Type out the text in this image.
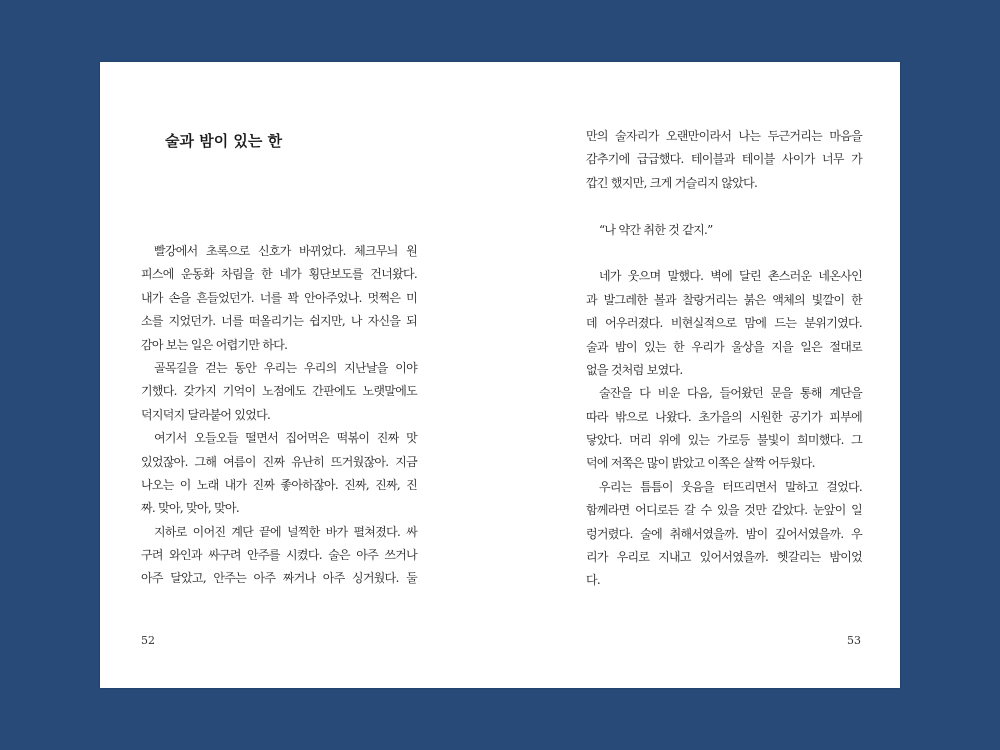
술과 밤이 있는 한
빨강에서 초록으로 신호가 바뀌었다. 체크무늬 원
피스에 운동화 차림을 한 네가 횡단보도를 건너왔다.
내가 손을 흔들었던가. 너를 꽉 안아주었나. 멋쩍은 미
소를 지었던가. 너를 떠올리기는 쉽지만, 나 자신을 되
감아 보는 일은 어렵기만 하다.
골목길을 걷는 동안 우리는 우리의 지난날을 이야
기했다. 갖가지 기억이 노점에도 간판에도 노랫말에도
덕지덕지 달라붙어 있었다.
여기서 오들오들 떨면서 집어먹은 떡볶이 진짜 맛
있었잖아. 그해 여름이 진짜 유난히 뜨거웠잖아. 지금
나오는 이 노래 내가 진짜 좋아하잖아. 진짜, 진짜, 진
짜. 맞아, 맞아, 맞아.
지하로 이어진 계단 끝에 널찍한 바가 펼쳐졌다. 싸
구려 와인과 싸구려 안주를 시켰다. 술은 아주 쓰거나
아주 달았고, 안주는 아주 짜거나 아주 싱거웠다. 둘
52
만의 술자리가 오랜만이라서 나는 두근거리는 마음을
감추기에 급급했다. 테이블과 테이블 사이가 너무 가
깝긴 했지만, 크게 거슬리지 않았다.
“나 약간 취한 것 같지.”
네가 웃으며 말했다. 벽에 달린 촌스러운 네온사인
과 발그레한 볼과 찰랑거리는 붉은 액체의 빛깔이 한
데 어우러졌다. 비현실적으로 맘에 드는 분위기였다.
술과 밤이 있는 한 우리가 울상을 지을 일은 절대로
없을 것처럼 보였다.
술잔을 다 비운 다음, 들어왔던 문을 통해 계단을
따라 밖으로 나왔다. 초가을의 시원한 공기가 피부에
닿았다. 머리 위에 있는 가로등 불빛이 희미했다. 그
덕에 저쪽은 많이 밝았고 이쪽은 살짝 어두웠다.
우리는 틈틈이 웃음을 터뜨리면서 말하고 걸었다.
함께라면 어디로든 갈 수 있을 것만 같았다. 눈앞이 일
렁거렸다. 술에 취해서였을까. 밤이 깊어서였을까. 우
리가 우리로 지내고 있어서였을까. 헷갈리는 밤이었
다.
53
